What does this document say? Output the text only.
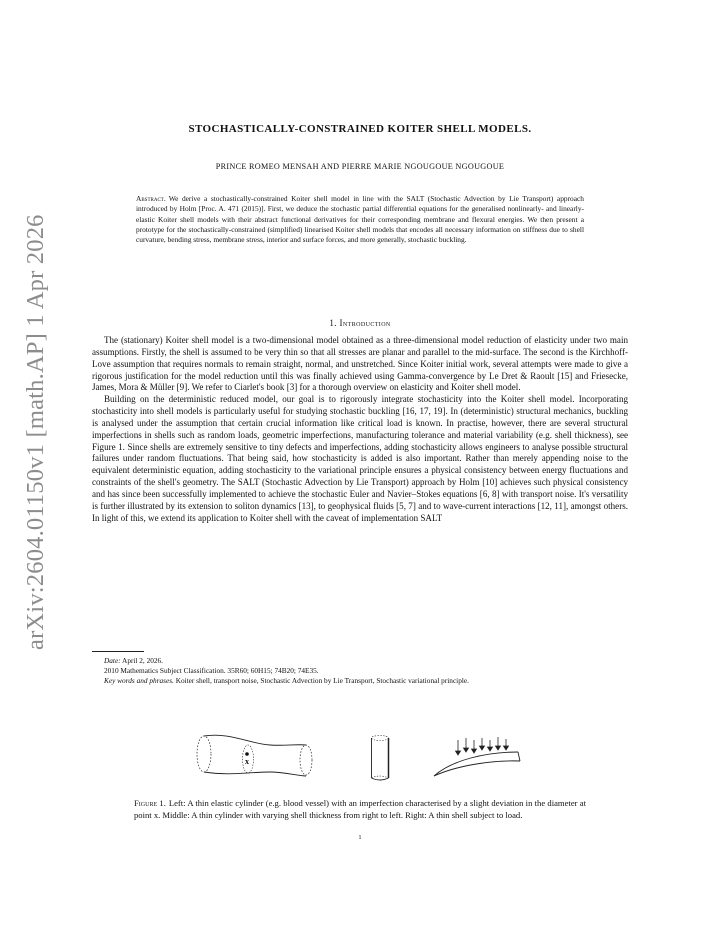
arXiv:2604.01150v1 [math.AP] 1 Apr 2026
STOCHASTICALLY-CONSTRAINED KOITER SHELL MODELS.
PRINCE ROMEO MENSAH AND PIERRE MARIE NGOUGOUE NGOUGOUE
Abstract. We derive a stochastically-constrained Koiter shell model in line with the SALT (Stochastic Advection by Lie Transport) approach introduced by Holm [Proc. A. 471 (2015)]. First, we deduce the stochastic partial differential equations for the generalised nonlinearly- and linearly-elastic Koiter shell models with their abstract functional derivatives for their corresponding membrane and flexural energies. We then present a prototype for the stochastically-constrained (simplified) linearised Koiter shell models that encodes all necessary information on stiffness due to shell curvature, bending stress, membrane stress, interior and surface forces, and more generally, stochastic buckling.
1. Introduction

The (stationary) Koiter shell model is a two-dimensional model obtained as a three-dimensional model reduction of elasticity under two main assumptions. Firstly, the shell is assumed to be very thin so that all stresses are planar and parallel to the mid-surface. The second is the Kirchhoff-Love assumption that requires normals to remain straight, normal, and unstretched. Since Koiter initial work, several attempts were made to give a rigorous justification for the model reduction until this was finally achieved using Gamma-convergence by Le Dret & Raoult [15] and Friesecke, James, Mora & Müller [9]. We refer to Ciarlet's book [3] for a thorough overview on elasticity and Koiter shell model.

Building on the deterministic reduced model, our goal is to rigorously integrate stochasticity into the Koiter shell model. Incorporating stochasticity into shell models is particularly useful for studying stochastic buckling [16, 17, 19]. In (deterministic) structural mechanics, buckling is analysed under the assumption that certain crucial information like critical load is known. In practise, however, there are several structural imperfections in shells such as random loads, geometric imperfections, manufacturing tolerance and material variability (e.g. shell thickness), see Figure 1. Since shells are extremely sensitive to tiny defects and imperfections, adding stochasticity allows engineers to analyse possible structural failures under random fluctuations. That being said, how stochasticity is added is also important. Rather than merely appending noise to the equivalent deterministic equation, adding stochasticity to the variational principle ensures a physical consistency between energy fluctuations and constraints of the shell's geometry. The SALT (Stochastic Advection by Lie Transport) approach by Holm [10] achieves such physical consistency and has since been successfully implemented to achieve the stochastic Euler and Navier–Stokes equations [6, 8] with transport noise. It's versatility is further illustrated by its extension to soliton dynamics [13], to geophysical fluids [5, 7] and to wave-current interactions [12, 11], amongst others. In light of this, we extend its application to Koiter shell with the caveat of implementation SALT

Date: April 2, 2026.
2010 Mathematics Subject Classification. 35R60; 60H15; 74B20; 74E35.
Key words and phrases. Koiter shell, transport noise, Stochastic Advection by Lie Transport, Stochastic variational principle.
x
Figure 1. Left: A thin elastic cylinder (e.g. blood vessel) with an imperfection characterised by a slight deviation in the diameter at point x. Middle: A thin cylinder with varying shell thickness from right to left. Right: A thin shell subject to load.
1
